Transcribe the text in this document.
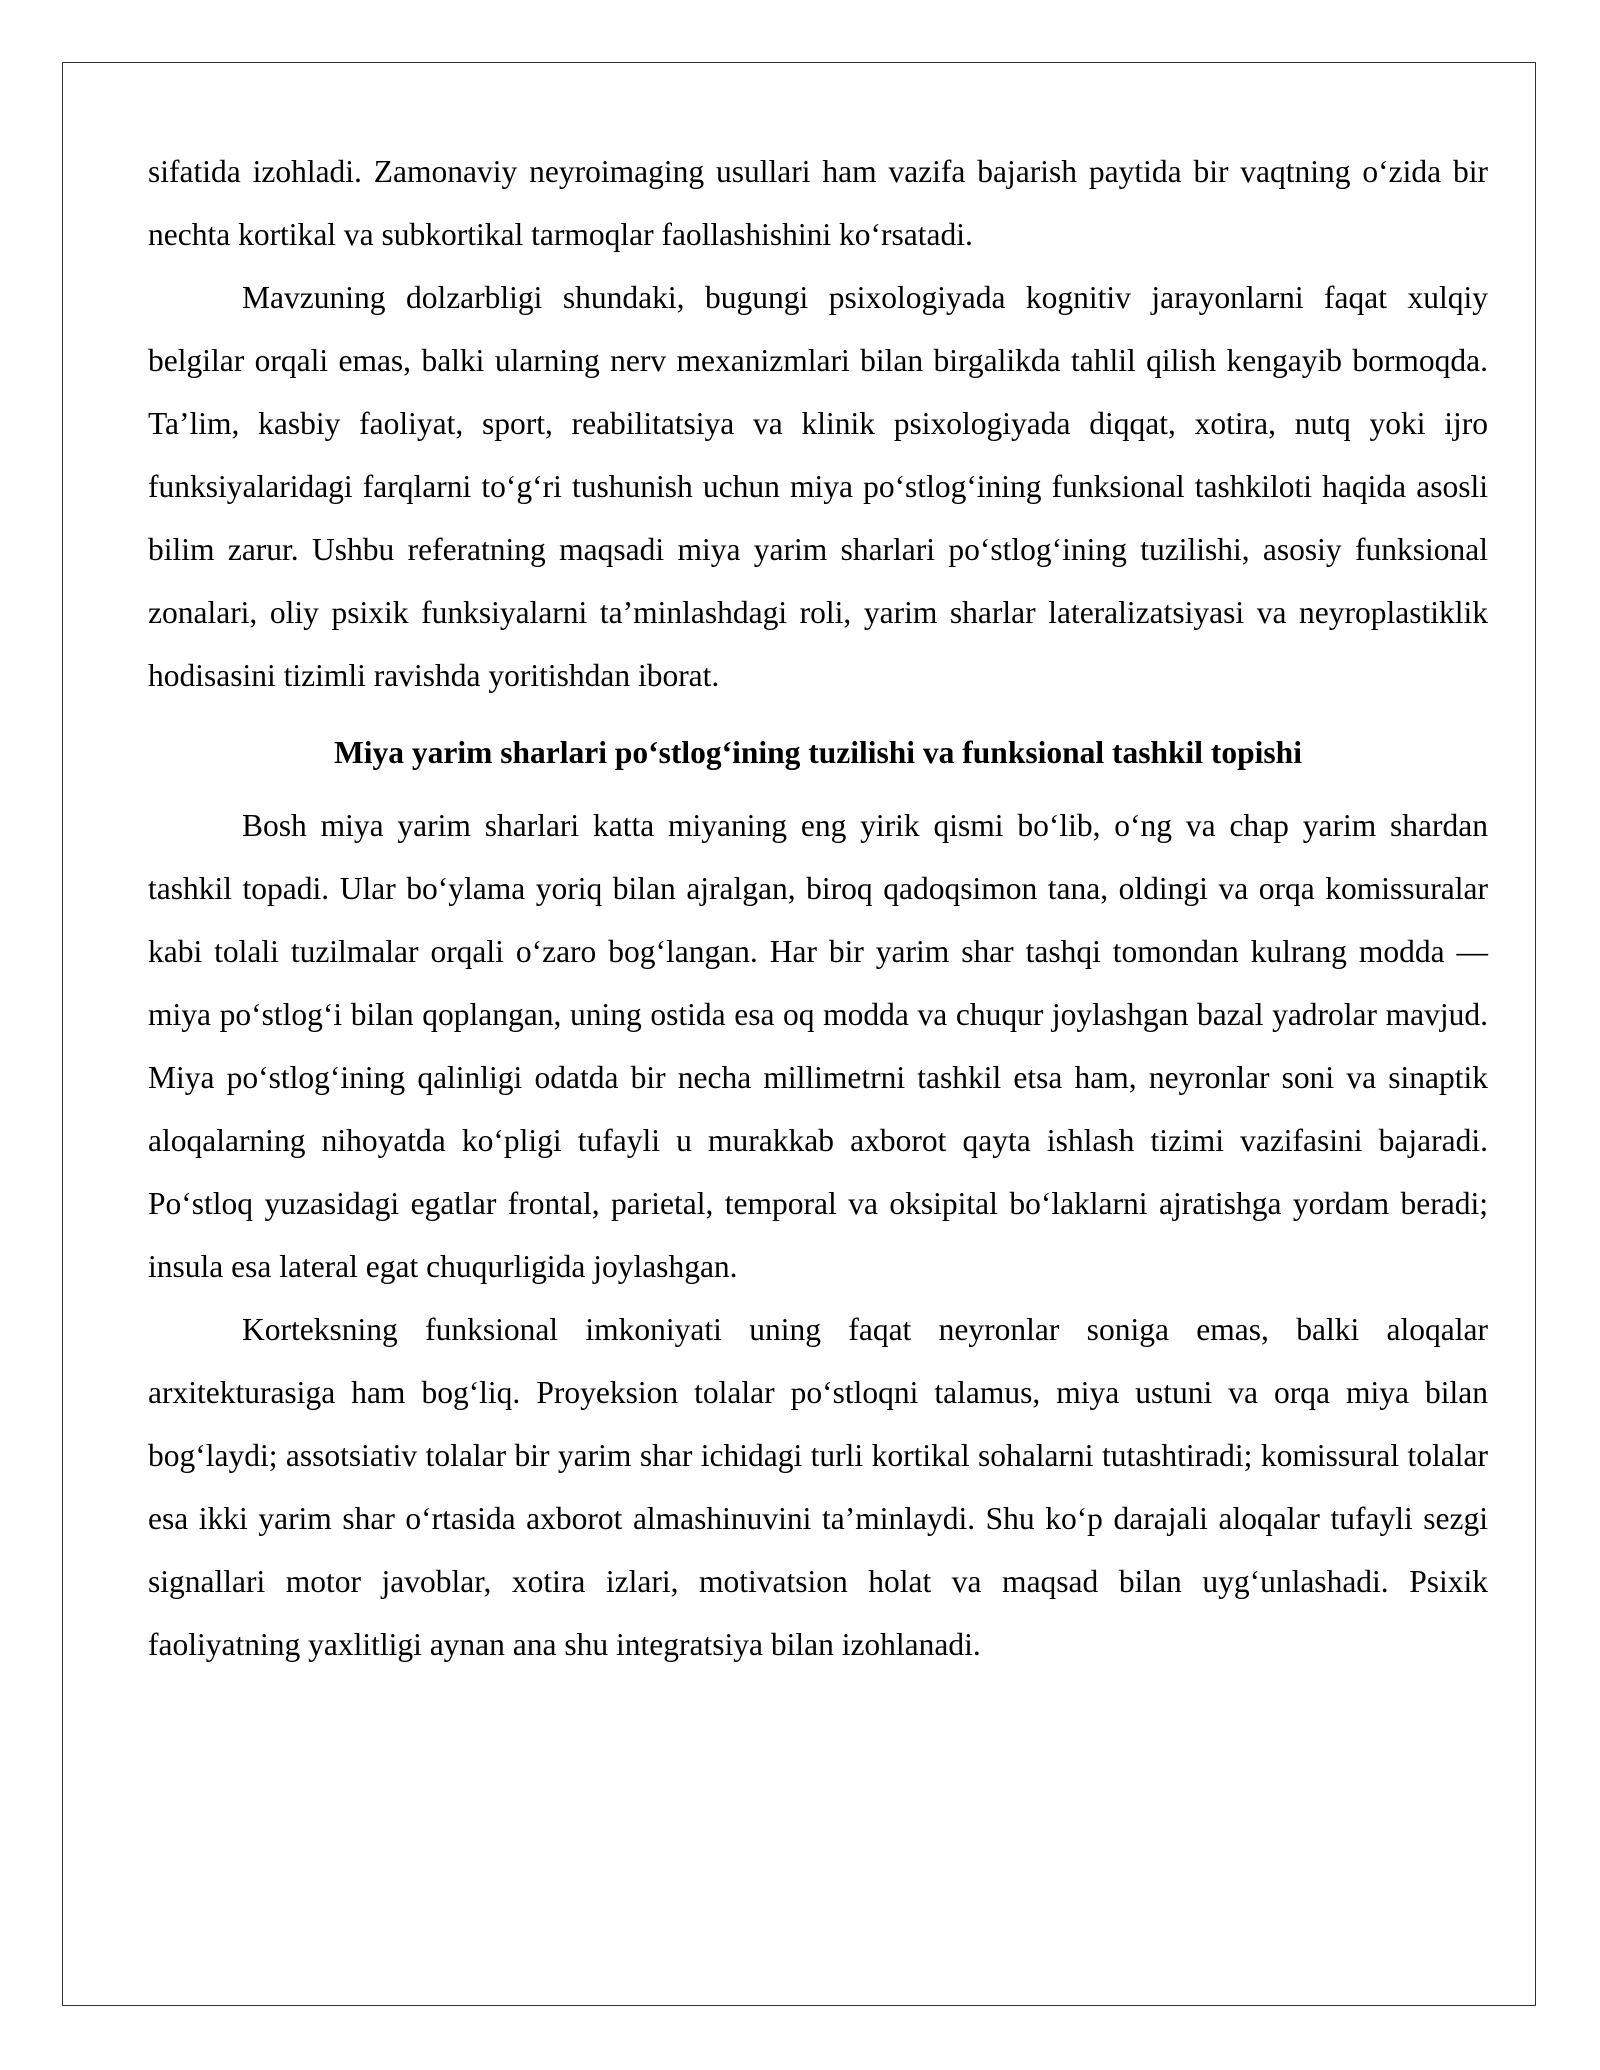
sifatida izohladi. Zamonaviy neyroimaging usullari ham vazifa bajarish paytida bir vaqtning oʻzida bir nechta kortikal va subkortikal tarmoqlar faollashishini koʻrsatadi.

Mavzuning dolzarbligi shundaki, bugungi psixologiyada kognitiv jarayonlarni faqat xulqiy belgilar orqali emas, balki ularning nerv mexanizmlari bilan birgalikda tahlil qilish kengayib bormoqda. Taʼlim, kasbiy faoliyat, sport, reabilitatsiya va klinik psixologiyada diqqat, xotira, nutq yoki ijro funksiyalaridagi farqlarni toʻgʻri tushunish uchun miya poʻstlogʻining funksional tashkiloti haqida asosli bilim zarur. Ushbu referatning maqsadi miya yarim sharlari poʻstlogʻining tuzilishi, asosiy funksional zonalari, oliy psixik funksiyalarni taʼminlashdagi roli, yarim sharlar lateralizatsiyasi va neyroplastiklik hodisasini tizimli ravishda yoritishdan iborat.

Miya yarim sharlari poʻstlogʻining tuzilishi va funksional tashkil topishi

Bosh miya yarim sharlari katta miyaning eng yirik qismi boʻlib, oʻng va chap yarim shardan tashkil topadi. Ular boʻylama yoriq bilan ajralgan, biroq qadoqsimon tana, oldingi va orqa komissuralar kabi tolali tuzilmalar orqali oʻzaro bogʻlangan. Har bir yarim shar tashqi tomondan kulrang modda — miya poʻstlogʻi bilan qoplangan, uning ostida esa oq modda va chuqur joylashgan bazal yadrolar mavjud. Miya poʻstlogʻining qalinligi odatda bir necha millimetrni tashkil etsa ham, neyronlar soni va sinaptik aloqalarning nihoyatda koʻpligi tufayli u murakkab axborot qayta ishlash tizimi vazifasini bajaradi. Poʻstloq yuzasidagi egatlar frontal, parietal, temporal va oksipital boʻlaklarni ajratishga yordam beradi; insula esa lateral egat chuqurligida joylashgan.

Korteksning funksional imkoniyati uning faqat neyronlar soniga emas, balki aloqalar arxitekturasiga ham bogʻliq. Proyeksion tolalar poʻstloqni talamus, miya ustuni va orqa miya bilan bogʻlaydi; assotsiativ tolalar bir yarim shar ichidagi turli kortikal sohalarni tutashtiradi; komissural tolalar esa ikki yarim shar oʻrtasida axborot almashinuvini taʼminlaydi. Shu koʻp darajali aloqalar tufayli sezgi signallari motor javoblar, xotira izlari, motivatsion holat va maqsad bilan uygʻunlashadi. Psixik faoliyatning yaxlitligi aynan ana shu integratsiya bilan izohlanadi.
